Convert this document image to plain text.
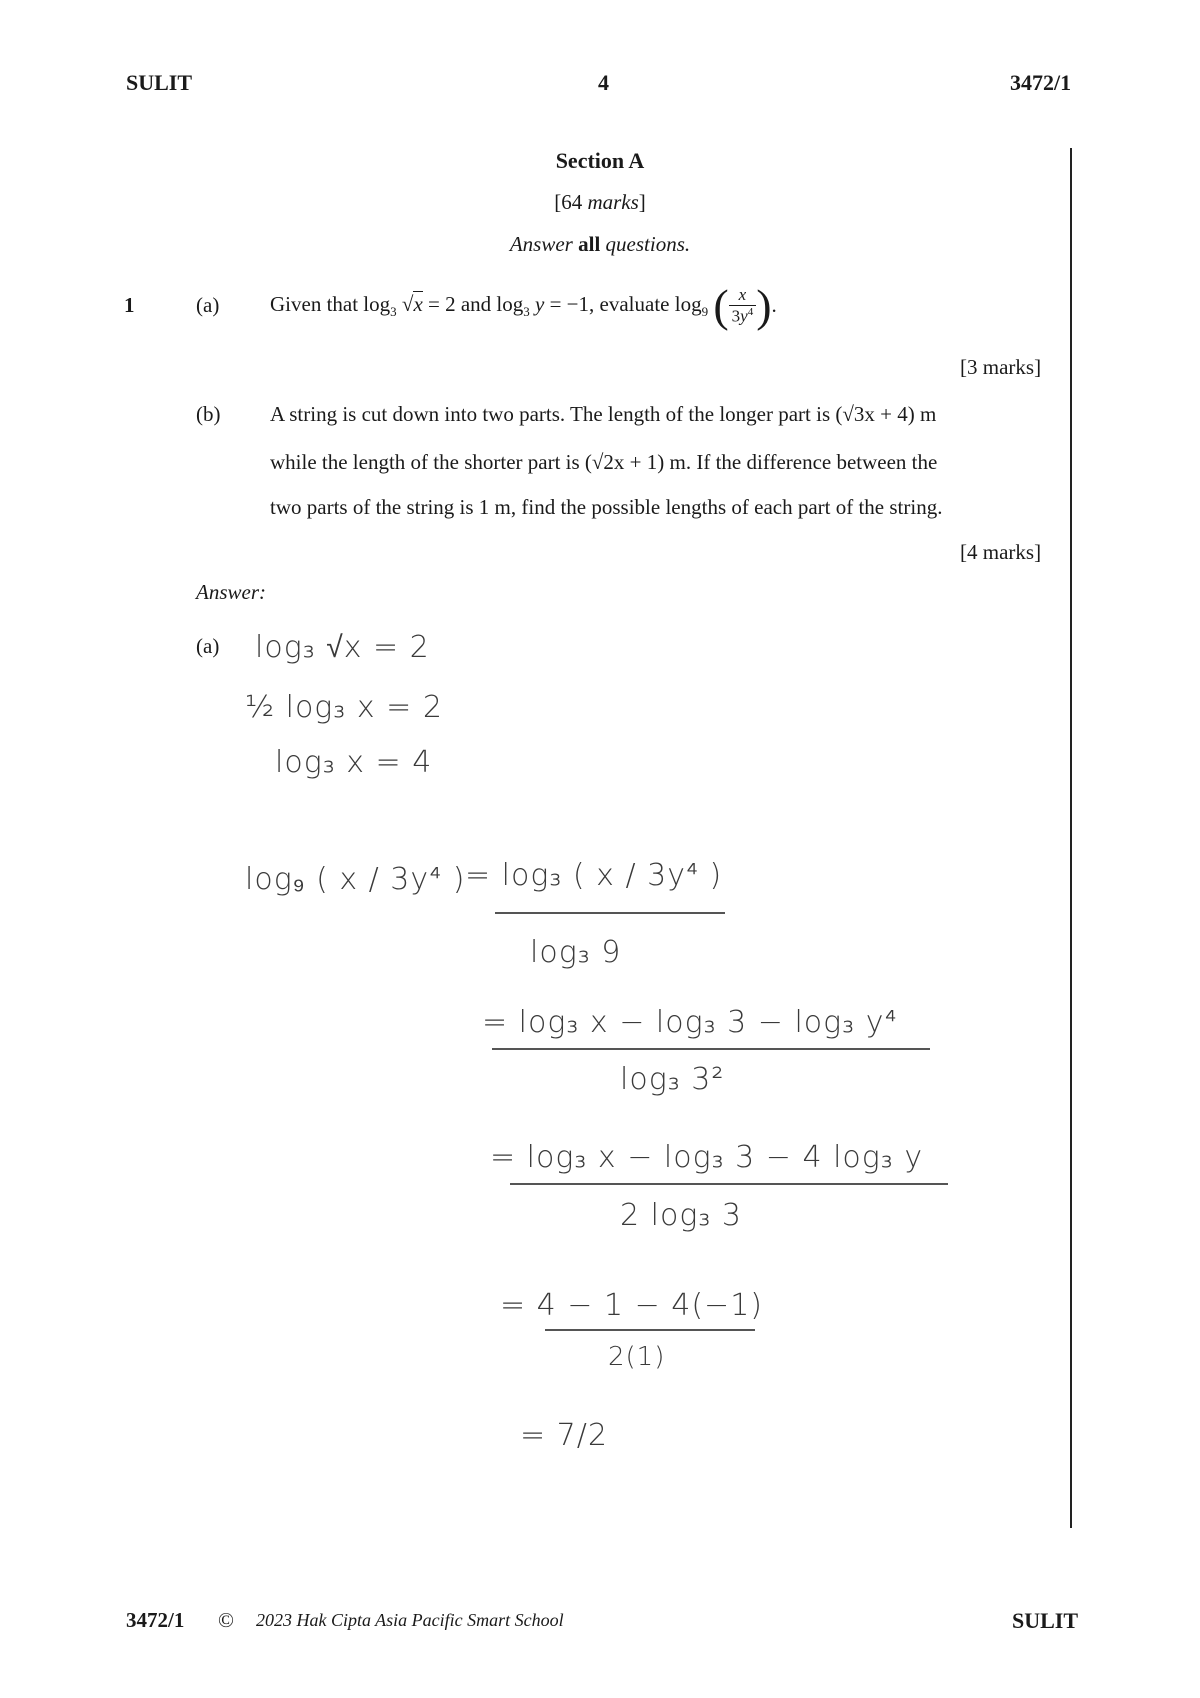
SULIT	4	3472/1
Section A
[64 marks]
Answer all questions.
1	(a) Given that $\log_3 √x = 2$ and $\log_3 y = -1$, evaluate $\log_9$ ( $\frac{x}{3y^4}$ ) .
[3 marks]
(b) A string is cut down into two parts. The length of the longer part is (√3x + 4) m
while the length of the shorter part is (√2x + 1) m. If the difference between the
two parts of the string is 1 m, find the possible lengths of each part of the string.
[4 marks]
Answer:
(a) log₃ √x = 2
½ log₃ x = 2
log₃ x = 4
log₉ ( x / 3y⁴ ) = log₃ ( x / 3y⁴ )
log₃ 9
= log₃ x − log₃ 3 − log₃ y⁴
log₃ 3²
= log₃ x − log₃ 3 − 4 log₃ y
2 log₃ 3
= 4 − 1 − 4(−1)
2(1)
= 7/2
3472/1 © 2023 Hak Cipta Asia Pacific Smart School	SULIT
